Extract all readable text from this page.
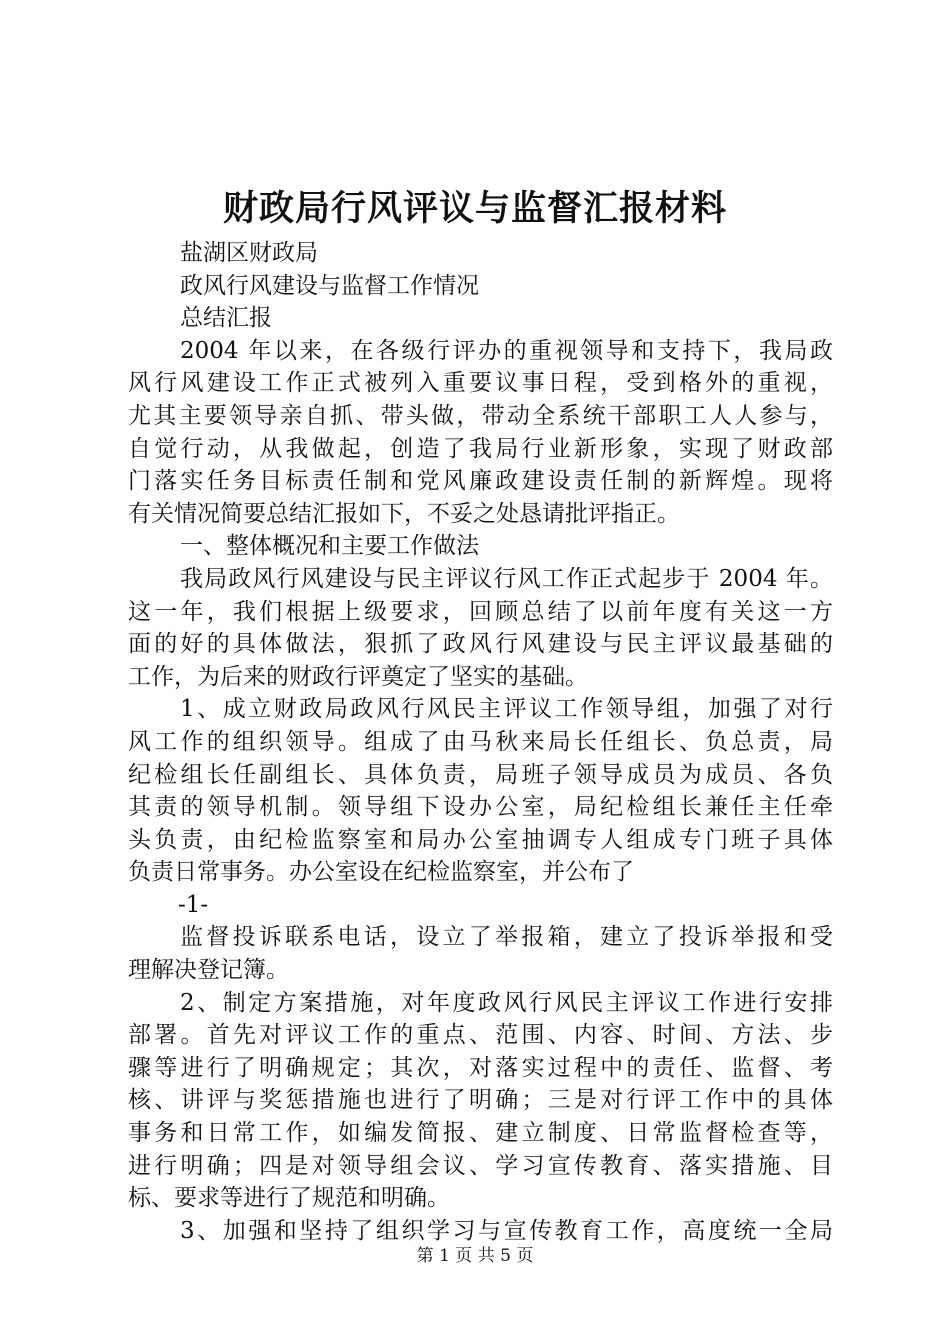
财政局行风评议与监督汇报材料
盐湖区财政局
政风行风建设与监督工作情况
总结汇报
2004 年以来，在各级行评办的重视领导和支持下，我局政
风行风建设工作正式被列入重要议事日程，受到格外的重视，
尤其主要领导亲自抓、带头做，带动全系统干部职工人人参与，
自觉行动，从我做起，创造了我局行业新形象，实现了财政部
门落实任务目标责任制和党风廉政建设责任制的新辉煌。现将
有关情况简要总结汇报如下，不妥之处恳请批评指正。
一、整体概况和主要工作做法
我局政风行风建设与民主评议行风工作正式起步于 2004 年。
这一年，我们根据上级要求，回顾总结了以前年度有关这一方
面的好的具体做法，狠抓了政风行风建设与民主评议最基础的
工作，为后来的财政行评奠定了坚实的基础。
1、成立财政局政风行风民主评议工作领导组，加强了对行
风工作的组织领导。组成了由马秋来局长任组长、负总责，局
纪检组长任副组长、具体负责，局班子领导成员为成员、各负
其责的领导机制。领导组下设办公室，局纪检组长兼任主任牵
头负责，由纪检监察室和局办公室抽调专人组成专门班子具体
负责日常事务。办公室设在纪检监察室，并公布了
-1-
监督投诉联系电话，设立了举报箱，建立了投诉举报和受
理解决登记簿。
2、制定方案措施，对年度政风行风民主评议工作进行安排
部署。首先对评议工作的重点、范围、内容、时间、方法、步
骤等进行了明确规定；其次，对落实过程中的责任、监督、考
核、讲评与奖惩措施也进行了明确；三是对行评工作中的具体
事务和日常工作，如编发简报、建立制度、日常监督检查等，
进行明确；四是对领导组会议、学习宣传教育、落实措施、目
标、要求等进行了规范和明确。
3、加强和坚持了组织学习与宣传教育工作，高度统一全局
第 1 页 共 5 页
